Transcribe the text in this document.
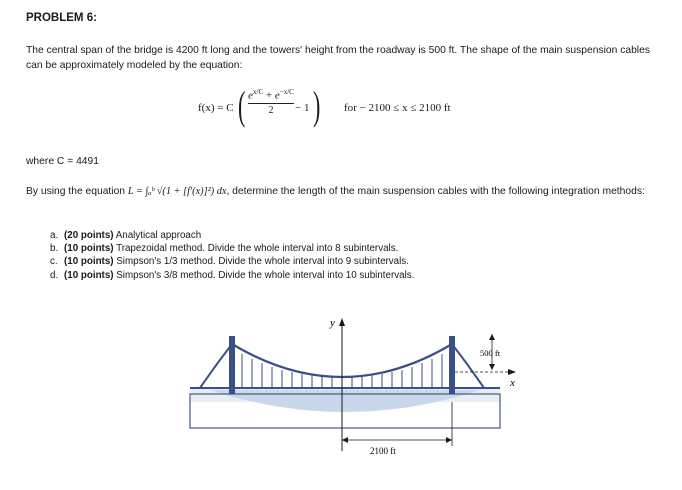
PROBLEM 6:
The central span of the bridge is 4200 ft long and the towers' height from the roadway is 500 ft. The shape of the main suspension cables can be approximately modeled by the equation:
f(x) = C ( $\frac{e^{x/C} + e^{-x/C}}{2} - 1$ ) for − 2100 ≤ x ≤ 2100 ft
where C = 4491
By using the equation L = ∫ₐᵇ √(1 + [f′(x)]²) dx, determine the length of the main suspension cables with the following integration methods:
a. (20 points) Analytical approach
b. (10 points) Trapezoidal method. Divide the whole interval into 8 subintervals.
c. (10 points) Simpson's 1/3 method. Divide the whole interval into 9 subintervals.
d. (10 points) Simpson's 3/8 method. Divide the whole interval into 10 subintervals.
y
x
500 ft
2100 ft
